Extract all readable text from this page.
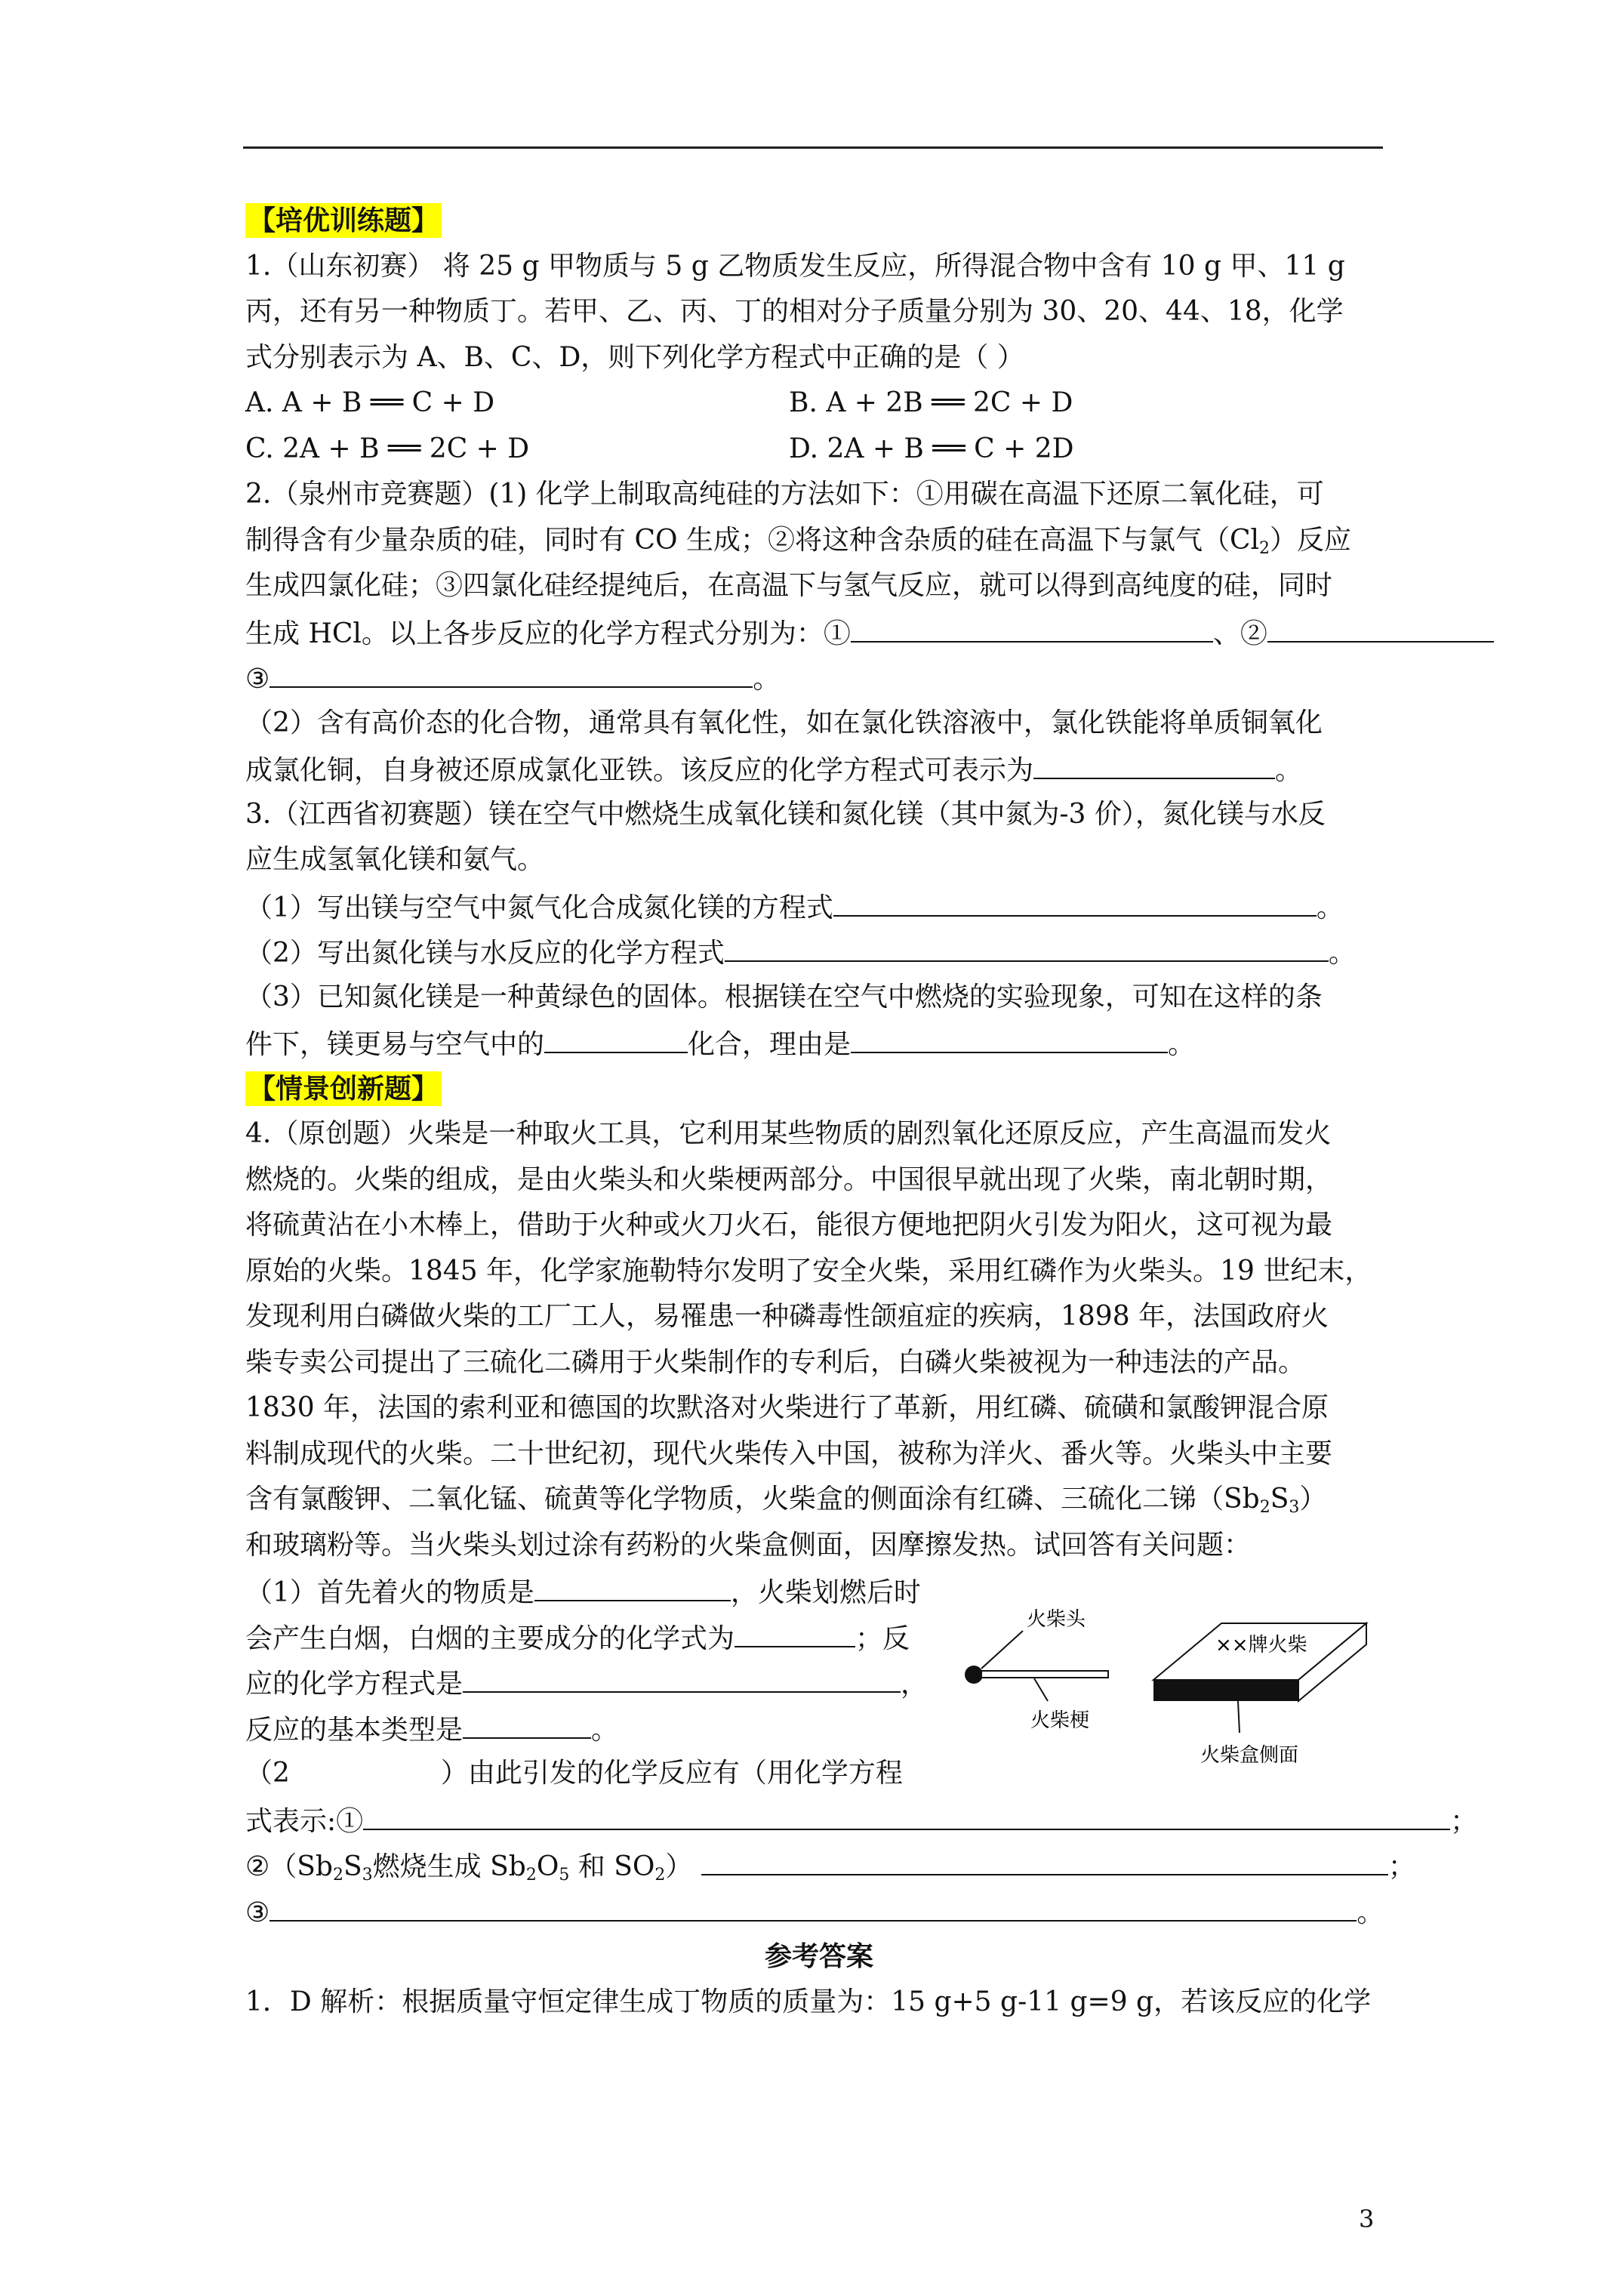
【培优训练题】
1.（山东初赛） 将 25 g 甲物质与 5 g 乙物质发生反应，所得混合物中含有 10 g 甲、11 g
丙，还有另一种物质丁。若甲、乙、丙、丁的相对分子质量分别为 30、20、44、18，化学
式分别表示为 A、B、C、D，则下列化学方程式中正确的是（ ）
A. A + B ══ C + D	B. A + 2B ══ 2C + D
C. 2A + B ══ 2C + D	D. 2A + B ══ C + 2D
2.（泉州市竞赛题）(1) 化学上制取高纯硅的方法如下：①用碳在高温下还原二氧化硅，可
制得含有少量杂质的硅，同时有 CO 生成；②将这种含杂质的硅在高温下与氯气$(Cl_2)$反应
生成四氯化硅；③四氯化硅经提纯后，在高温下与氢气反应，就可以得到高纯度的硅，同时
生成 HCl。以上各步反应的化学方程式分别为：①	、②
③	。
（2）含有高价态的化合物，通常具有氧化性，如在氯化铁溶液中，氯化铁能将单质铜氧化
成氯化铜，自身被还原成氯化亚铁。该反应的化学方程式可表示为	。
3.（江西省初赛题）镁在空气中燃烧生成氧化镁和氮化镁（其中氮为-3 价），氮化镁与水反
应生成氢氧化镁和氨气。
（1）写出镁与空气中氮气化合成氮化镁的方程式	。
（2）写出氮化镁与水反应的化学方程式	。
（3）已知氮化镁是一种黄绿色的固体。根据镁在空气中燃烧的实验现象，可知在这样的条
件下，镁更易与空气中的	化合，理由是	。
【情景创新题】
4.（原创题）火柴是一种取火工具，它利用某些物质的剧烈氧化还原反应，产生高温而发火
燃烧的。火柴的组成，是由火柴头和火柴梗两部分。中国很早就出现了火柴，南北朝时期，
将硫黄沾在小木棒上，借助于火种或火刀火石，能很方便地把阴火引发为阳火，这可视为最
原始的火柴。1845 年，化学家施勒特尔发明了安全火柴，采用红磷作为火柴头。19 世纪末，
发现利用白磷做火柴的工厂工人，易罹患一种磷毒性颌疽症的疾病，1898 年，法国政府火
柴专卖公司提出了三硫化二磷用于火柴制作的专利后，白磷火柴被视为一种违法的产品。
1830 年，法国的索利亚和德国的坎默洛对火柴进行了革新，用红磷、硫磺和氯酸钾混合原
料制成现代的火柴。二十世纪初，现代火柴传入中国，被称为洋火、番火等。火柴头中主要
含有氯酸钾、二氧化锰、硫黄等化学物质，火柴盒的侧面涂有红磷、三硫化二锑$(Sb_2S_3)$
和玻璃粉等。当火柴头划过涂有药粉的火柴盒侧面，因摩擦发热。试回答有关问题：
（1）首先着火的物质是	，火柴划燃后时
会产生白烟，白烟的主要成分的化学式为	；反
应的化学方程式是	，
反应的基本类型是	。
（2	）由此引发的化学反应有（用化学方程
式表示:①	；
$②(Sb_2S_3$燃烧生成 $Sb_2O_5$ 和 $SO_2$）	；
③	。
参考答案
1．D 解析：根据质量守恒定律生成丁物质的质量为：15 g+5 g-11 g=9 g，若该反应的化学
火柴头
火柴梗
××牌火柴
火柴盒侧面
3
